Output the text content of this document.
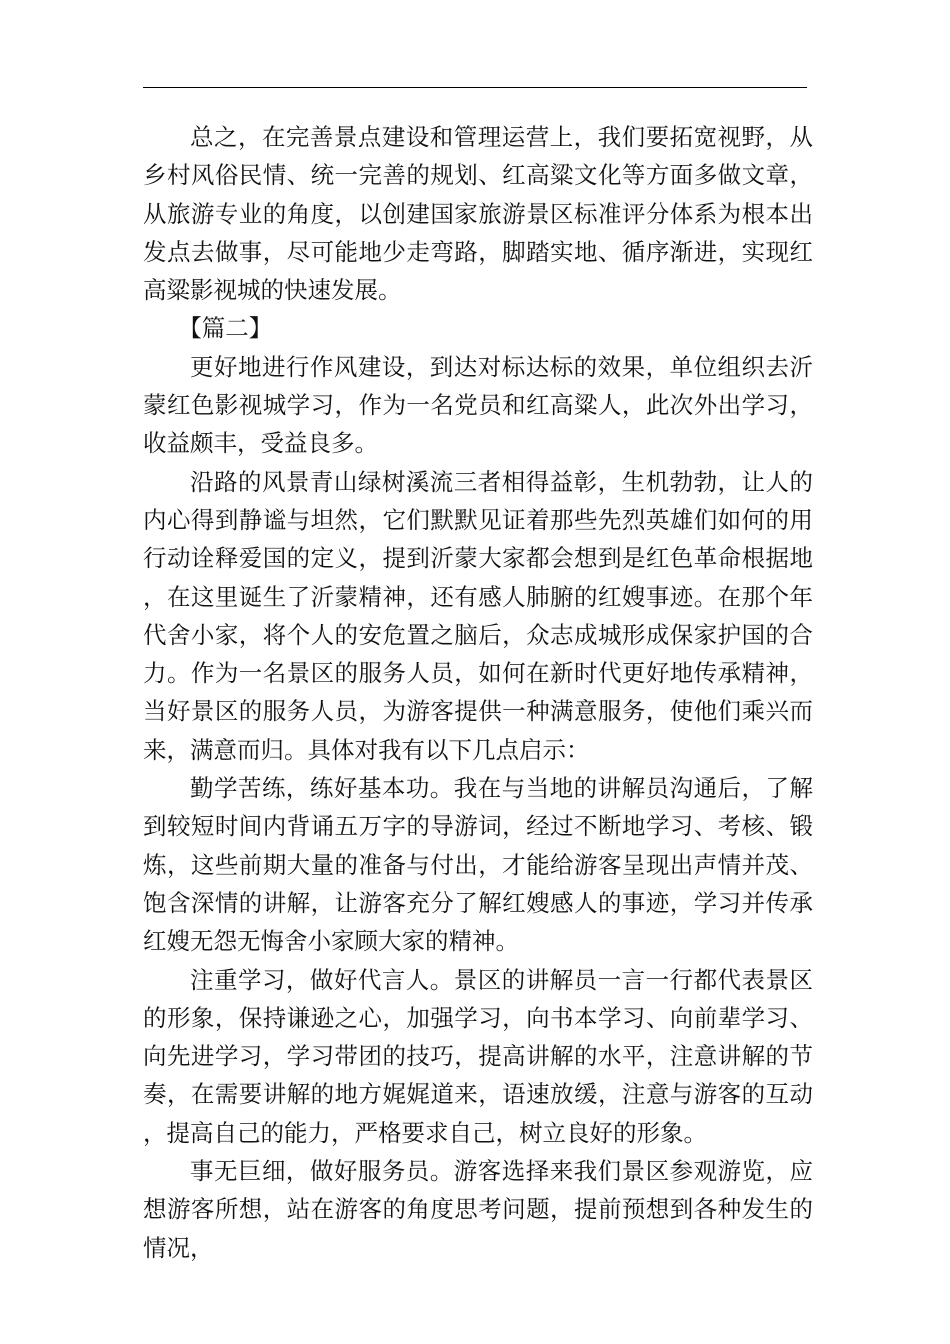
总之，在完善景点建设和管理运营上，我们要拓宽视野，从乡村风俗民情、统一完善的规划、红高粱文化等方面多做文章，从旅游专业的角度，以创建国家旅游景区标准评分体系为根本出发点去做事，尽可能地少走弯路，脚踏实地、循序渐进，实现红高粱影视城的快速发展。

【篇二】

更好地进行作风建设，到达对标达标的效果，单位组织去沂蒙红色影视城学习，作为一名党员和红高粱人，此次外出学习，收益颇丰，受益良多。

沿路的风景青山绿树溪流三者相得益彰，生机勃勃，让人的内心得到静谧与坦然，它们默默见证着那些先烈英雄们如何的用行动诠释爱国的定义，提到沂蒙大家都会想到是红色革命根据地，在这里诞生了沂蒙精神，还有感人肺腑的红嫂事迹。在那个年代舍小家，将个人的安危置之脑后，众志成城形成保家护国的合力。作为一名景区的服务人员，如何在新时代更好地传承精神，当好景区的服务人员，为游客提供一种满意服务，使他们乘兴而来，满意而归。具体对我有以下几点启示：

勤学苦练，练好基本功。我在与当地的讲解员沟通后，了解到较短时间内背诵五万字的导游词，经过不断地学习、考核、锻炼，这些前期大量的准备与付出，才能给游客呈现出声情并茂、饱含深情的讲解，让游客充分了解红嫂感人的事迹，学习并传承红嫂无怨无悔舍小家顾大家的精神。

注重学习，做好代言人。景区的讲解员一言一行都代表景区的形象，保持谦逊之心，加强学习，向书本学习、向前辈学习、向先进学习，学习带团的技巧，提高讲解的水平，注意讲解的节奏，在需要讲解的地方娓娓道来，语速放缓，注意与游客的互动，提高自己的能力，严格要求自己，树立良好的形象。

事无巨细，做好服务员。游客选择来我们景区参观游览，应想游客所想，站在游客的角度思考问题，提前预想到各种发生的情况，
